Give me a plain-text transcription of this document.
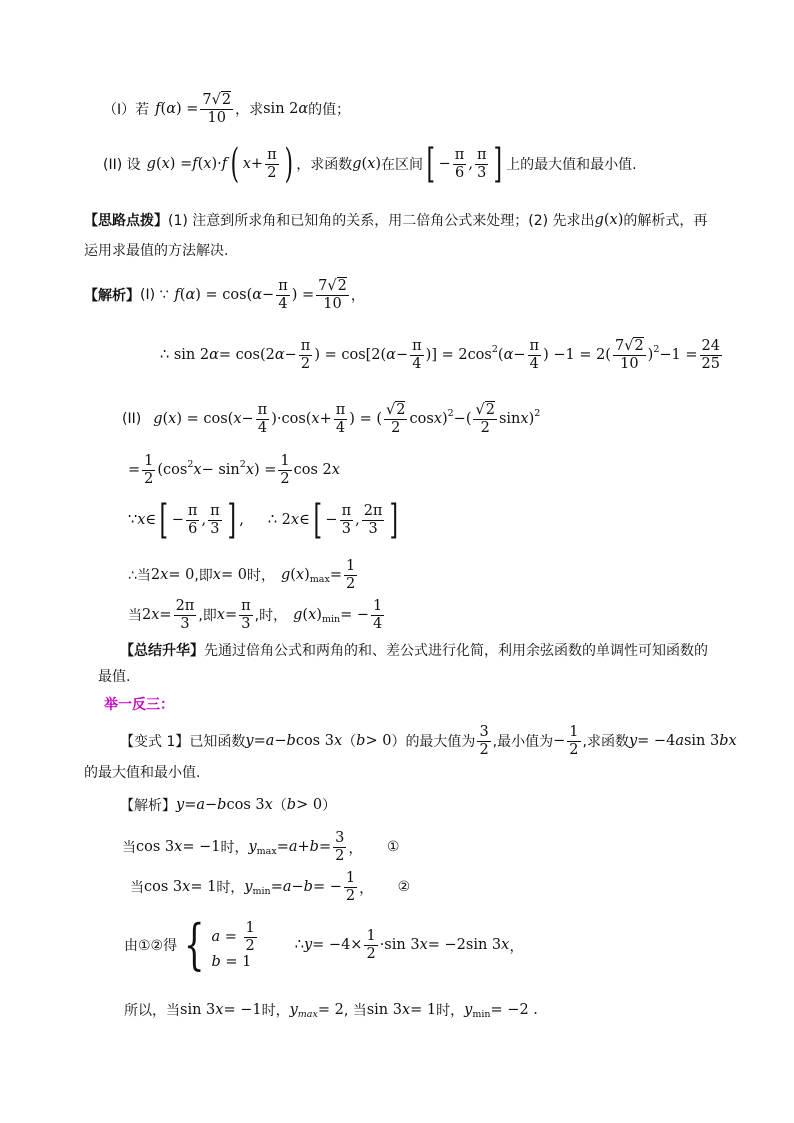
（Ⅰ）若 f ( α ) = $\frac{7√2}{10}$ ，求 sin 2 α 的值；
(II) 设 g ( x ) = f ( x )· f ( $x + \frac{\pi}{2}$ ) ，求函数 g ( x ) 在区间 [ − $\frac{\pi}{6}$ , $\frac{\pi}{3}$ ] 上的最大值和最小值.
【思路点拨】 (1) 注意到所求角和已知角的关系，用二倍角公式来处理；(2) 先求出 g ( x ) 的解析式，再
运用求最值的方法解决.
【解析】 (Ⅰ) ∵ f ( α ) = cos( $\alpha - \frac{\pi}{4}$ ) = $\frac{7√2}{10}$ ，
∴ sin 2 α = cos(2 $\alpha - \frac{\pi}{2}$ ) = cos[2( $\alpha - \frac{\pi}{4}$ )] = 2cos 2 ( $\alpha - \frac{\pi}{4}$ ) $-1 = 2( \frac{7√2}{10}$ ) $2 -1 = \frac{24}{25}$
(II) g ( x ) = cos( $x - \frac{\pi}{4} )\cdot\cos$( $x + \frac{\pi}{4}$ ) = ( $\frac{√2}{2}$ cos x ) 2 −( $\frac{√2}{2}$ sin x ) 2
= $\frac{1}{2} (\cos$ 2 x − sin 2 x ) = $\frac{1}{2}$ cos 2 x
∵ x ∈ [ − $\frac{\pi}{6}$ , $\frac{\pi}{3}$ ] , ∴ 2 x ∈ [ − $\frac{\pi}{3}$ , $\frac{2\pi}{3}$ ]
∴当 2 x = 0 ,即 x = 0 时， g ( x ) $\max = \frac{1}{2}$
当 2 $x = \frac{2\pi}{3}$ ,即 $x = \frac{\pi}{3}$ ,时， g ( x ) min = − $\frac{1}{4}$
【总结升华】 先通过倍角公式和两角的和、差公式进行化简，利用余弦函数的单调性可知函数的
最值.
举一反三：
【变式 1】 已知函数 y = a − b cos 3 x （ b > 0 ） 的最大值为 $\frac{3}{2}$ ,最小值为 − $\frac{1}{2}$ ,求函数 y = −4 a sin 3 bx
的最大值和最小值.
【解析】 y = a − b cos 3 x （ b > 0 ）
当 cos 3 x = −1 时， y $\max = a + b = \frac{3}{2}$ ， ①
当 cos 3 x = 1 时， y min = a − b = − $\frac{1}{2}$ ， ②
由①②得 { $a = \frac{1}{2}$
b = 1
∴ $y = -4\times \frac{1}{2} \cdot\sin$ 3 x = −2sin 3 x ，
所以，当 sin 3 x = −1 时， y max = 2 , 当 sin 3 x = 1 时， y min = −2 .
